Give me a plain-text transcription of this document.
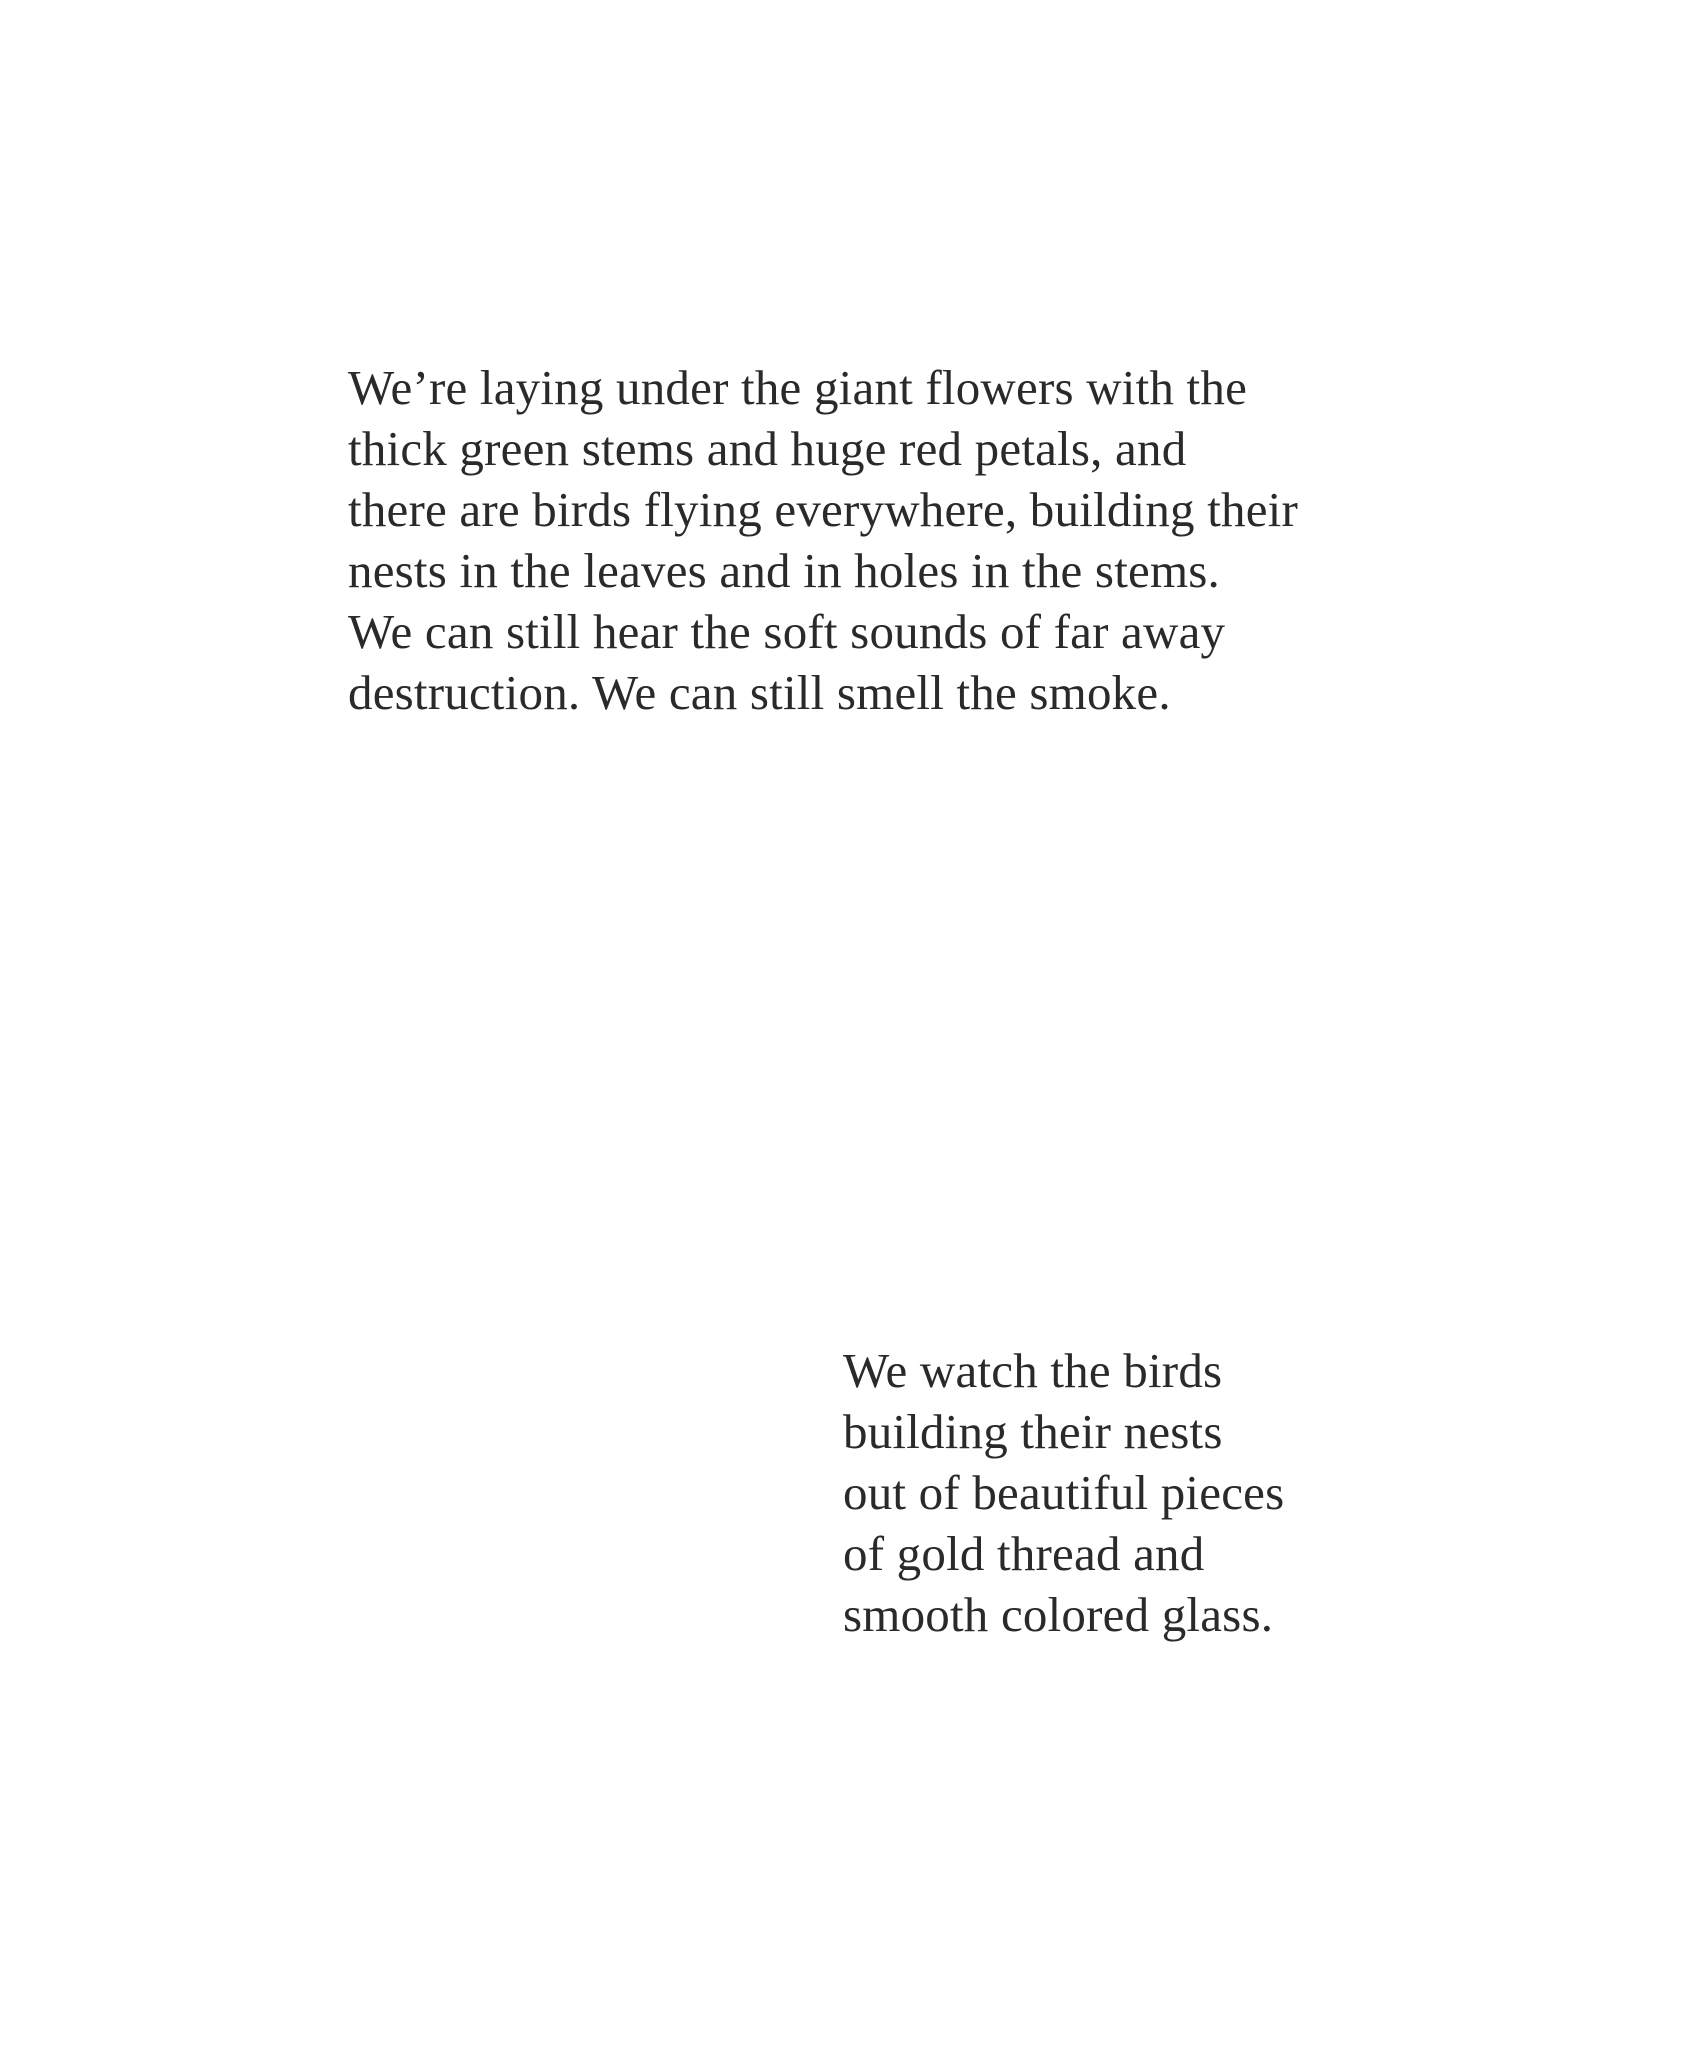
We’re laying under the giant flowers with the
thick green stems and huge red petals, and
there are birds flying everywhere, building their
nests in the leaves and in holes in the stems.
We can still hear the soft sounds of far away
destruction. We can still smell the smoke.
We watch the birds
building their nests
out of beautiful pieces
of gold thread and
smooth colored glass.
